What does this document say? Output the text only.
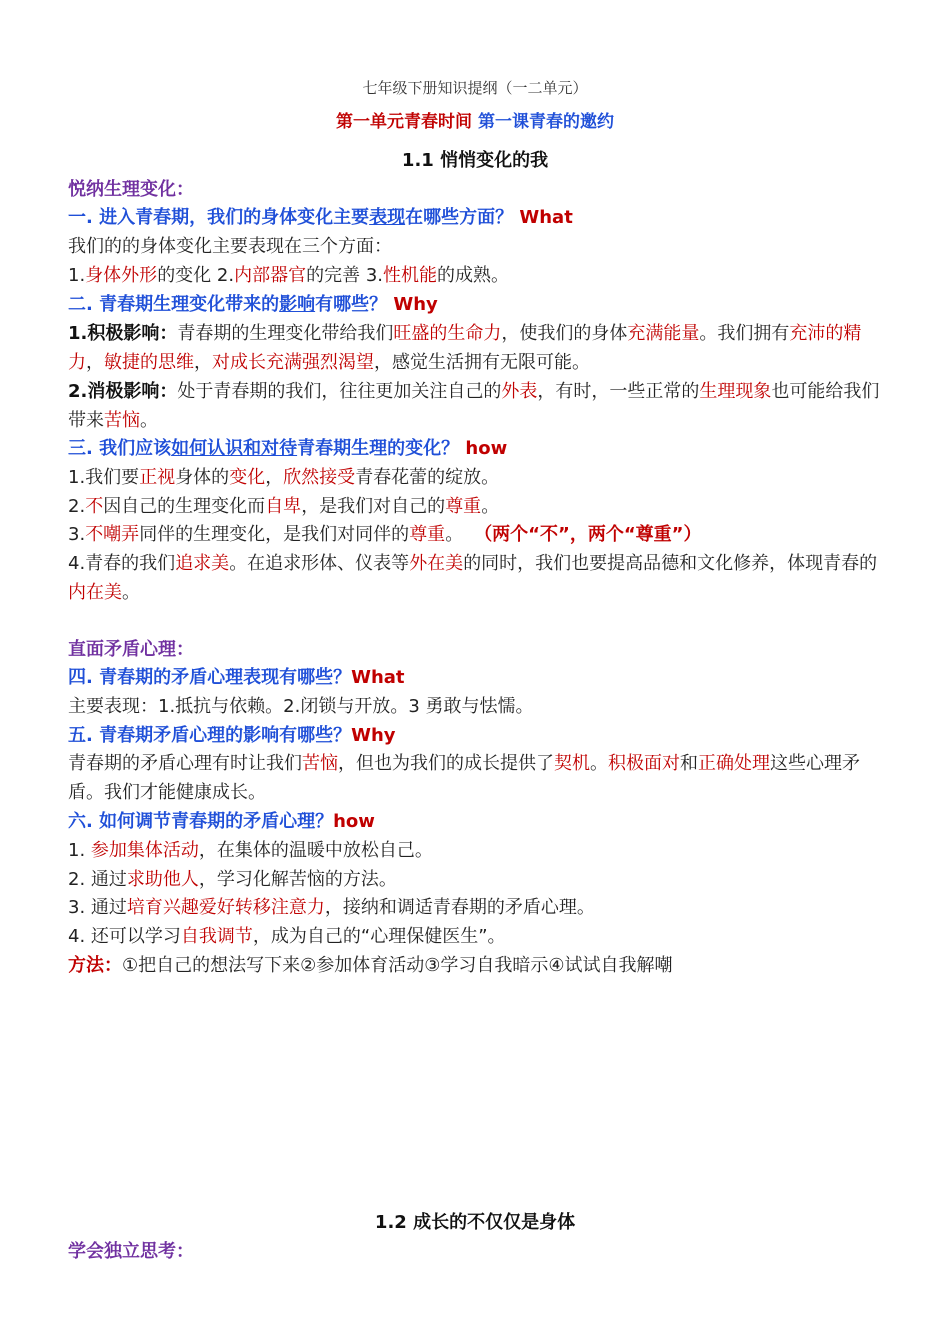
七年级下册知识提纲（一二单元）
第一单元青春时间 第一课青春的邀约
1.1 悄悄变化的我
悦纳生理变化：
一. 进入青春期，我们的身体变化主要表现在哪些方面？ What
我们的的身体变化主要表现在三个方面：
1.身体外形的变化 2.内部器官的完善 3.性机能的成熟。
二. 青春期生理变化带来的影响有哪些？ Why
1.积极影响：青春期的生理变化带给我们旺盛的生命力，使我们的身体充满能量。我们拥有充沛的精力，敏捷的思维，对成长充满强烈渴望，感觉生活拥有无限可能。
2.消极影响：处于青春期的我们，往往更加关注自己的外表，有时，一些正常的生理现象也可能给我们带来苦恼。
三. 我们应该如何认识和对待青春期生理的变化？ how
1.我们要正视身体的变化，欣然接受青春花蕾的绽放。
2.不因自己的生理变化而自卑，是我们对自己的尊重。
3.不嘲弄同伴的生理变化，是我们对同伴的尊重。 （两个“不”，两个“尊重”）
4.青春的我们追求美。在追求形体、仪表等外在美的同时，我们也要提高品德和文化修养，体现青春的内在美。
直面矛盾心理：
四. 青春期的矛盾心理表现有哪些？What
主要表现：1.抵抗与依赖。2.闭锁与开放。3 勇敢与怯懦。
五. 青春期矛盾心理的影响有哪些？Why
青春期的矛盾心理有时让我们苦恼，但也为我们的成长提供了契机。积极面对和正确处理这些心理矛盾。我们才能健康成长。
六. 如何调节青春期的矛盾心理？how
1. 参加集体活动，在集体的温暖中放松自己。
2. 通过求助他人，学习化解苦恼的方法。
3. 通过培育兴趣爱好转移注意力，接纳和调适青春期的矛盾心理。
4. 还可以学习自我调节，成为自己的“心理保健医生”。
方法：①把自己的想法写下来②参加体育活动③学习自我暗示④试试自我解嘲
1.2 成长的不仅仅是身体
学会独立思考：
